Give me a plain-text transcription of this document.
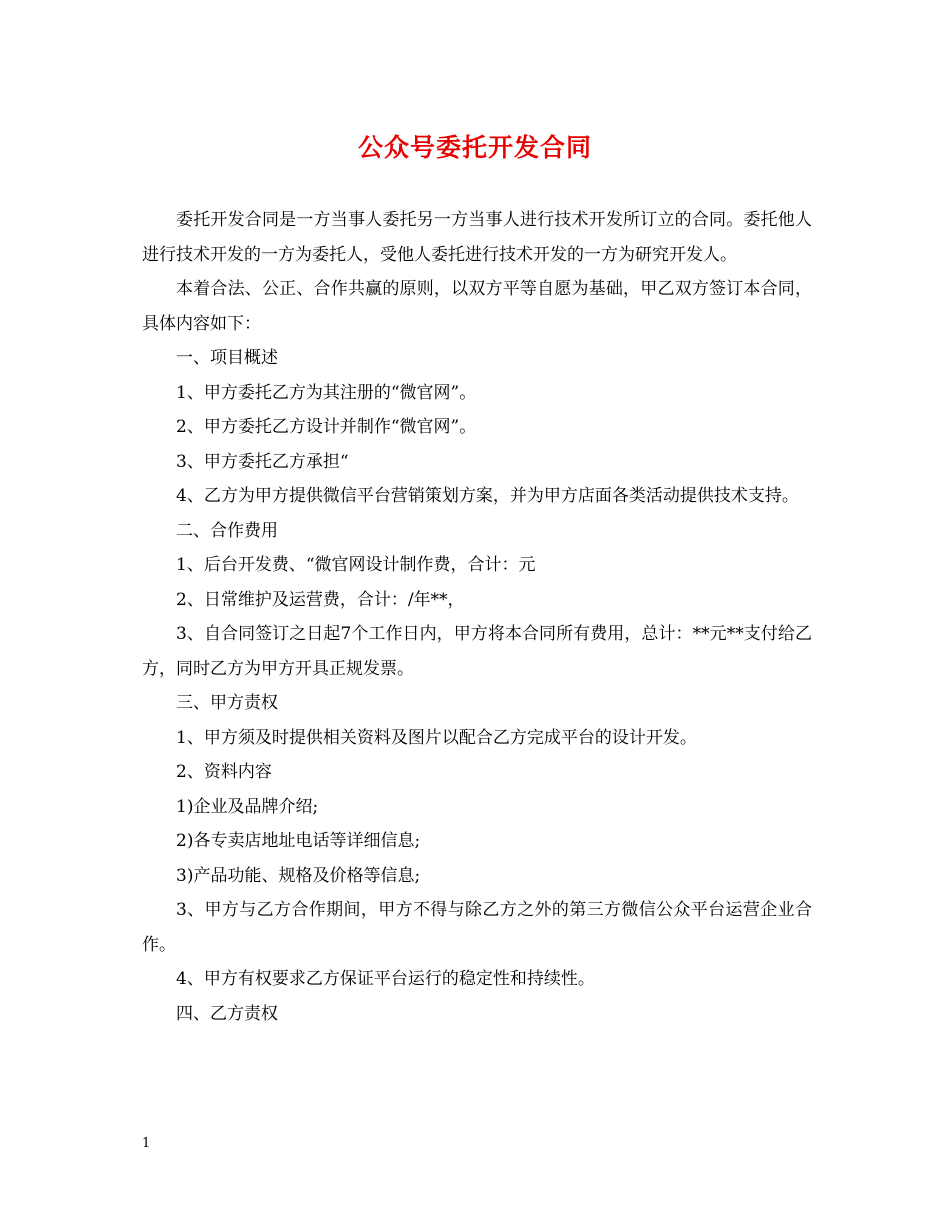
公众号委托开发合同

委托开发合同是一方当事人委托另一方当事人进行技术开发所订立的合同。委托他人进行技术开发的一方为委托人，受他人委托进行技术开发的一方为研究开发人。

本着合法、公正、合作共赢的原则，以双方平等自愿为基础，甲乙双方签订本合同，具体内容如下：

一、项目概述

1、甲方委托乙方为其注册的“微官网”。

2、甲方委托乙方设计并制作“微官网”。

3、甲方委托乙方承担“

4、乙方为甲方提供微信平台营销策划方案，并为甲方店面各类活动提供技术支持。

二、合作费用

1、后台开发费、“微官网设计制作费，合计：元

2、日常维护及运营费，合计：/年**，

3、自合同签订之日起7个工作日内，甲方将本合同所有费用，总计：**元**支付给乙方，同时乙方为甲方开具正规发票。

三、甲方责权

1、甲方须及时提供相关资料及图片以配合乙方完成平台的设计开发。

2、资料内容

1)企业及品牌介绍;

2)各专卖店地址电话等详细信息;

3)产品功能、规格及价格等信息;

3、甲方与乙方合作期间，甲方不得与除乙方之外的第三方微信公众平台运营企业合作。

4、甲方有权要求乙方保证平台运行的稳定性和持续性。

四、乙方责权

1
